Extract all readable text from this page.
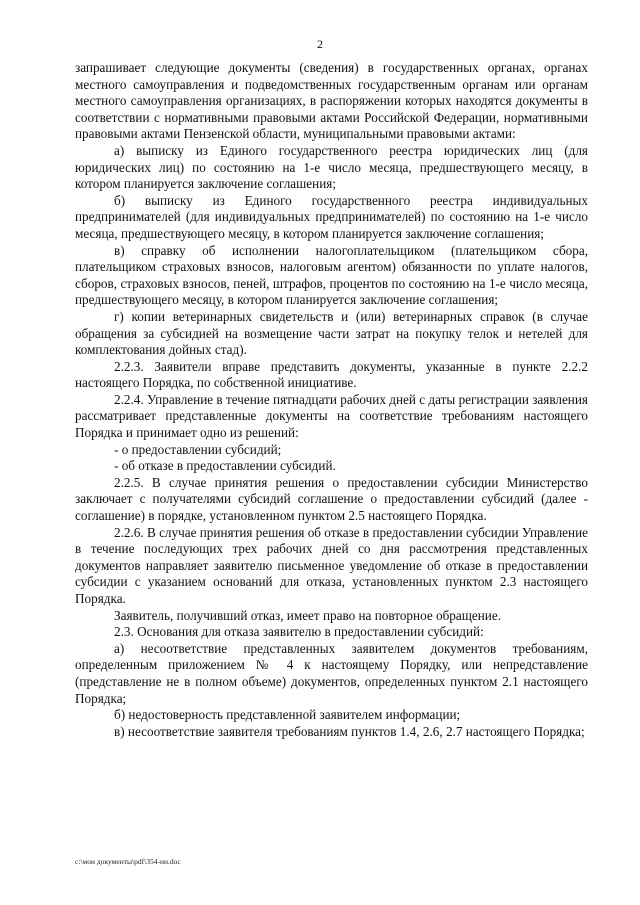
2

запрашивает следующие документы (сведения) в государственных органах, органах местного самоуправления и подведомственных государственным органам или органам местного самоуправления организациях, в распоряжении которых находятся документы в соответствии с нормативными правовыми актами Российской Федерации, нормативными правовыми актами Пензенской области, муниципальными правовыми актами:

а) выписку из Единого государственного реестра юридических лиц (для юридических лиц) по состоянию на 1-е число месяца, предшествующего месяцу, в котором планируется заключение соглашения;

б) выписку из Единого государственного реестра индивидуальных предпринимателей (для индивидуальных предпринимателей) по состоянию на 1-е число месяца, предшествующего месяцу, в котором планируется заключение соглашения;

в) справку об исполнении налогоплательщиком (плательщиком сбора, плательщиком страховых взносов, налоговым агентом) обязанности по уплате налогов, сборов, страховых взносов, пеней, штрафов, процентов по состоянию на 1-е число месяца, предшествующего месяцу, в котором планируется заключение соглашения;

г) копии ветеринарных свидетельств и (или) ветеринарных справок (в случае обращения за субсидией на возмещение части затрат на покупку телок и нетелей для комплектования дойных стад).

2.2.3. Заявители вправе представить документы, указанные в пункте 2.2.2 настоящего Порядка, по собственной инициативе.

2.2.4. Управление в течение пятнадцати рабочих дней с даты регистрации заявления рассматривает представленные документы на соответствие требованиям настоящего Порядка и принимает одно из решений:

- о предоставлении субсидий;

- об отказе в предоставлении субсидий.

2.2.5. В случае принятия решения о предоставлении субсидии Министерство заключает с получателями субсидий соглашение о предоставлении субсидий (далее - соглашение) в порядке, установленном пунктом 2.5 настоящего Порядка.

2.2.6. В случае принятия решения об отказе в предоставлении субсидии Управление в течение последующих трех рабочих дней со дня рассмотрения представленных документов направляет заявителю письменное уведомление об отказе в предоставлении субсидии с указанием оснований для отказа, установленных пунктом 2.3 настоящего Порядка.

Заявитель, получивший отказ, имеет право на повторное обращение.

2.3. Основания для отказа заявителю в предоставлении субсидий:

а) несоответствие представленных заявителем документов требованиям, определенным приложением № 4 к настоящему Порядку, или непредставление (представление не в полном объеме) документов, определенных пунктом 2.1 настоящего Порядка;

б) недостоверность представленной заявителем информации;

в) несоответствие заявителя требованиям пунктов 1.4, 2.6, 2.7 настоящего Порядка;

c:\мои документы\pdf\354-ин.doc
